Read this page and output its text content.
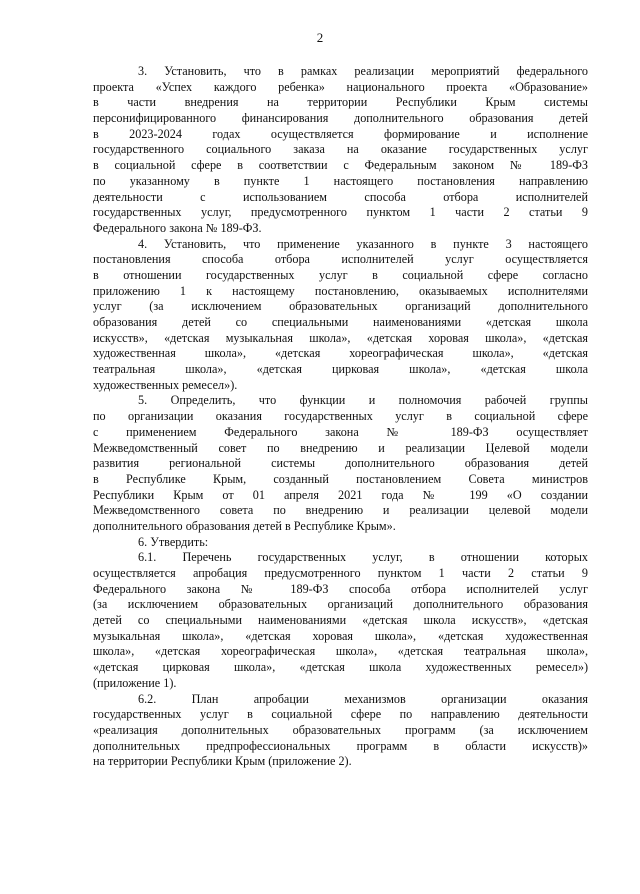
2
3. Установить, что в рамках реализации мероприятий федерального
проекта «Успех каждого ребенка» национального проекта «Образование»
в части внедрения на территории Республики Крым системы
персонифицированного финансирования дополнительного образования детей
в 2023-2024 годах осуществляется формирование и исполнение
государственного социального заказа на оказание государственных услуг
в социальной сфере в соответствии с Федеральным законом № 189-ФЗ
по указанному в пункте 1 настоящего постановления направлению
деятельности с использованием способа отбора исполнителей
государственных услуг, предусмотренного пунктом 1 части 2 статьи 9
Федерального закона № 189-ФЗ.
4. Установить, что применение указанного в пункте 3 настоящего
постановления способа отбора исполнителей услуг осуществляется
в отношении государственных услуг в социальной сфере согласно
приложению 1 к настоящему постановлению, оказываемых исполнителями
услуг (за исключением образовательных организаций дополнительного
образования детей со специальными наименованиями «детская школа
искусств», «детская музыкальная школа», «детская хоровая школа», «детская
художественная школа», «детская хореографическая школа», «детская
театральная школа», «детская цирковая школа», «детская школа
художественных ремесел»).
5. Определить, что функции и полномочия рабочей группы
по организации оказания государственных услуг в социальной сфере
с применением Федерального закона № 189-ФЗ осуществляет
Межведомственный совет по внедрению и реализации Целевой модели
развития региональной системы дополнительного образования детей
в Республике Крым, созданный постановлением Совета министров
Республики Крым от 01 апреля 2021 года № 199 «О создании
Межведомственного совета по внедрению и реализации целевой модели
дополнительного образования детей в Республике Крым».
6. Утвердить:
6.1. Перечень государственных услуг, в отношении которых
осуществляется апробация предусмотренного пунктом 1 части 2 статьи 9
Федерального закона № 189-ФЗ способа отбора исполнителей услуг
(за исключением образовательных организаций дополнительного образования
детей со специальными наименованиями «детская школа искусств», «детская
музыкальная школа», «детская хоровая школа», «детская художественная
школа», «детская хореографическая школа», «детская театральная школа»,
«детская цирковая школа», «детская школа художественных ремесел»)
(приложение 1).
6.2. План апробации механизмов организации оказания
государственных услуг в социальной сфере по направлению деятельности
«реализация дополнительных образовательных программ (за исключением
дополнительных предпрофессиональных программ в области искусств)»
на территории Республики Крым (приложение 2).
